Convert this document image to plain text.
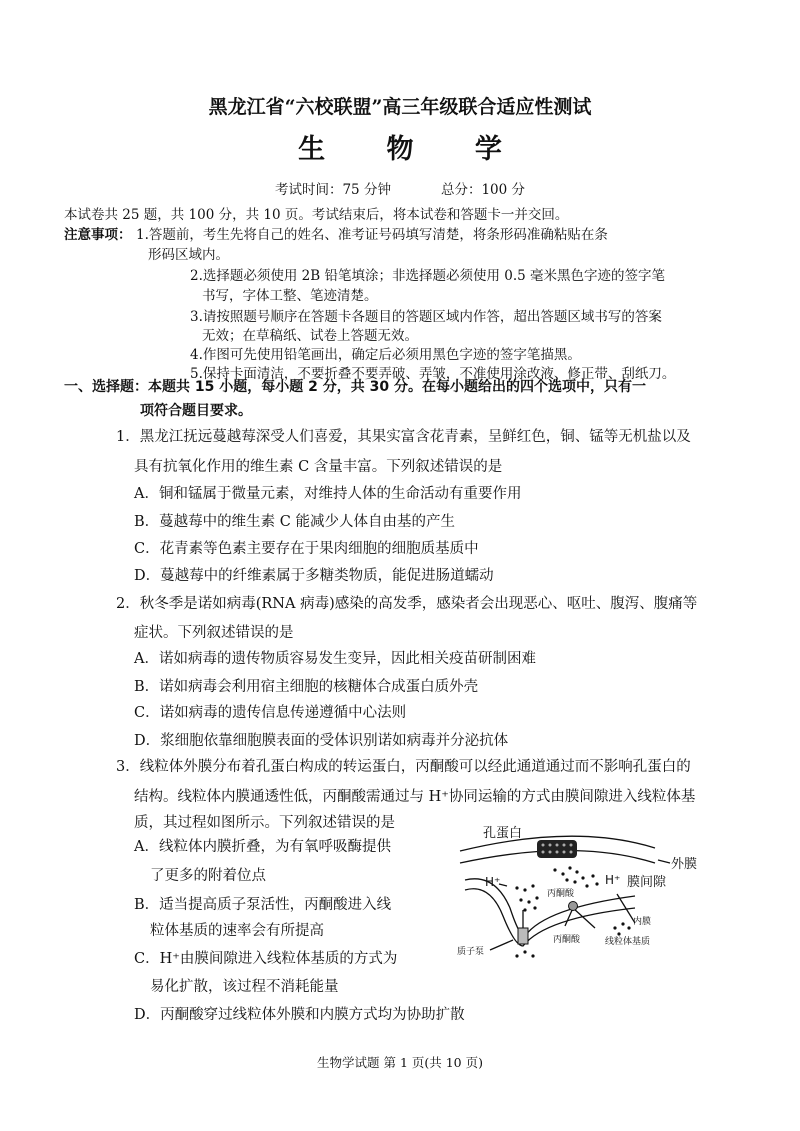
黑龙江省“六校联盟”高三年级联合适应性测试
生 物 学
考试时间：75 分钟	总分：100 分
本试卷共 25 题，共 100 分，共 10 页。考试结束后，将本试卷和答题卡一并交回。
注意事项： 1.答题前，考生先将自己的姓名、准考证号码填写清楚，将条形码准确粘贴在条
形码区域内。
2.选择题必须使用 2B 铅笔填涂；非选择题必须使用 0.5 毫米黑色字迹的签字笔
书写，字体工整、笔迹清楚。
3.请按照题号顺序在答题卡各题目的答题区域内作答，超出答题区域书写的答案
无效；在草稿纸、试卷上答题无效。
4.作图可先使用铅笔画出，确定后必须用黑色字迹的签字笔描黑。
5.保持卡面清洁，不要折叠不要弄破、弄皱，不准使用涂改液、修正带、刮纸刀。
一、选择题：本题共 15 小题，每小题 2 分，共 30 分。在每小题给出的四个选项中，只有一
项符合题目要求。
1．黑龙江抚远蔓越莓深受人们喜爱，其果实富含花青素，呈鲜红色，铜、锰等无机盐以及
具有抗氧化作用的维生素 C 含量丰富。下列叙述错误的是
A．铜和锰属于微量元素，对维持人体的生命活动有重要作用
B．蔓越莓中的维生素 C 能减少人体自由基的产生
C．花青素等色素主要存在于果肉细胞的细胞质基质中
D．蔓越莓中的纤维素属于多糖类物质，能促进肠道蠕动
2．秋冬季是诺如病毒(RNA 病毒)感染的高发季，感染者会出现恶心、呕吐、腹泻、腹痛等
症状。下列叙述错误的是
A．诺如病毒的遗传物质容易发生变异，因此相关疫苗研制困难
B．诺如病毒会利用宿主细胞的核糖体合成蛋白质外壳
C．诺如病毒的遗传信息传递遵循中心法则
D．浆细胞依靠细胞膜表面的受体识别诺如病毒并分泌抗体
3．线粒体外膜分布着孔蛋白构成的转运蛋白，丙酮酸可以经此通道通过而不影响孔蛋白的
结构。线粒体内膜通透性低，丙酮酸需通过与 H⁺协同运输的方式由膜间隙进入线粒体基
质，其过程如图所示。下列叙述错误的是
A．线粒体内膜折叠，为有氧呼吸酶提供
了更多的附着位点
B．适当提高质子泵活性，丙酮酸进入线
粒体基质的速率会有所提高
C．H⁺由膜间隙进入线粒体基质的方式为
易化扩散，该过程不消耗能量
D．丙酮酸穿过线粒体外膜和内膜方式均为协助扩散
孔蛋白
外膜
H⁺	H⁺ 膜间隙
丙酮酸
丙酮酸
内膜
线粒体基质
质子泵
生物学试题 第 1 页(共 10 页)
